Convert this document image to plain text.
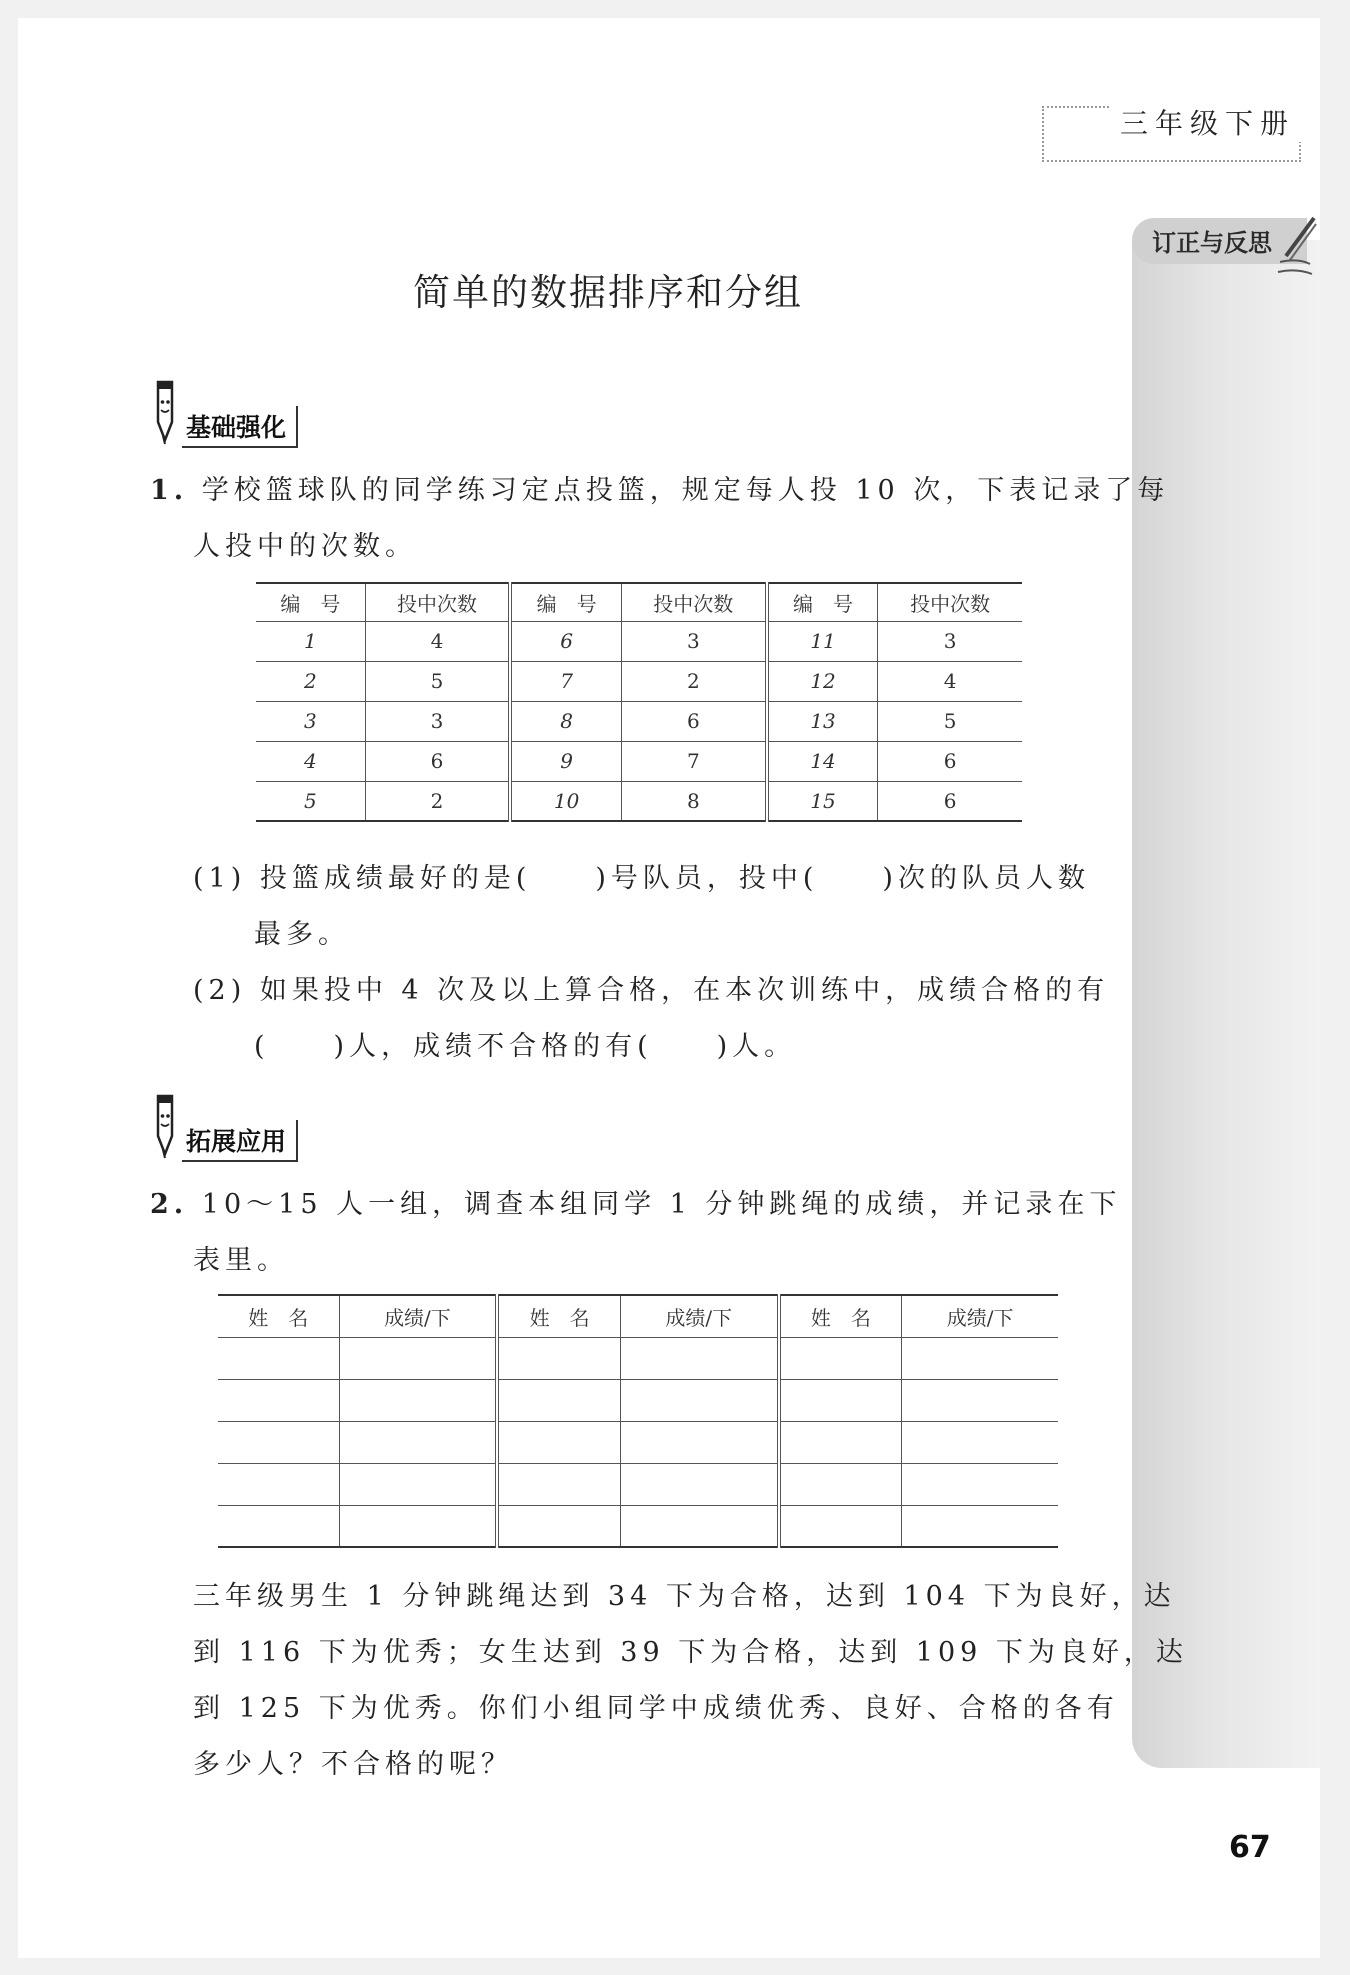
三年级下册
订正与反思
简单的数据排序和分组
基础强化
1. 学校篮球队的同学练习定点投篮，规定每人投 10 次，下表记录了每
人投中的次数。
编　号	投中次数	编　号	投中次数	编　号	投中次数
1	4	6	3	11	3
2	5	7	2	12	4
3	3	8	6	13	5
4	6	9	7	14	6
5	2	10	8	15	6
(1) 投篮成绩最好的是(　　)号队员，投中(　　)次的队员人数
最多。
(2) 如果投中 4 次及以上算合格，在本次训练中，成绩合格的有
(　　)人，成绩不合格的有(　　)人。
拓展应用
2. 10～15 人一组，调查本组同学 1 分钟跳绳的成绩，并记录在下
表里。
姓　名	成绩/下	姓　名	成绩/下	姓　名	成绩/下

三年级男生 1 分钟跳绳达到 34 下为合格，达到 104 下为良好，达
到 116 下为优秀；女生达到 39 下为合格，达到 109 下为良好，达
到 125 下为优秀。你们小组同学中成绩优秀、良好、合格的各有
多少人？不合格的呢？
67
